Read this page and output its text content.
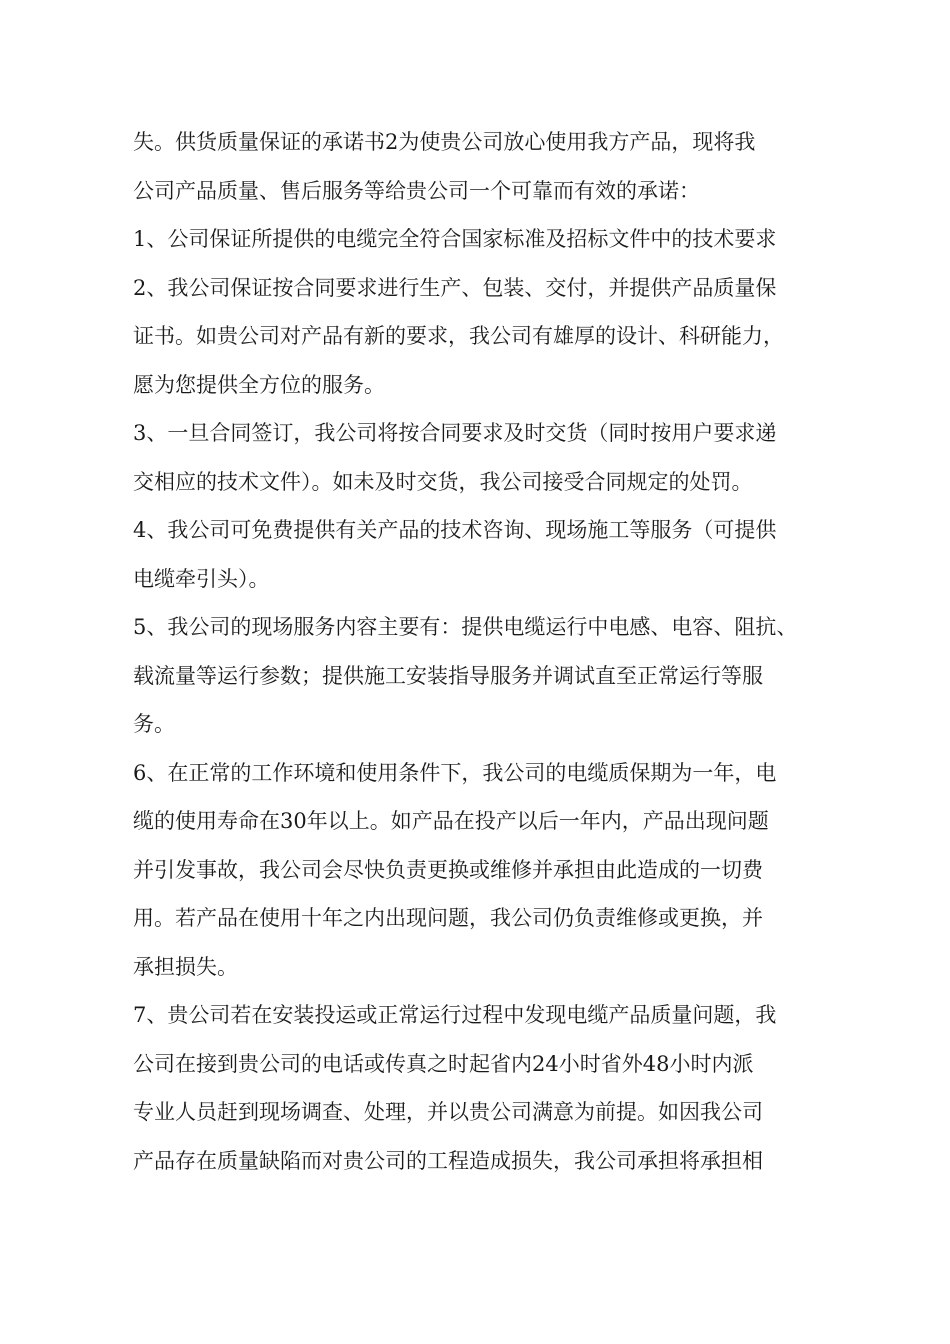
失。供货质量保证的承诺书2为使贵公司放心使用我方产品，现将我
公司产品质量、售后服务等给贵公司一个可靠而有效的承诺：
1、公司保证所提供的电缆完全符合国家标准及招标文件中的技术要求
2、我公司保证按合同要求进行生产、包装、交付，并提供产品质量保
证书。如贵公司对产品有新的要求，我公司有雄厚的设计、科研能力，
愿为您提供全方位的服务。
3、一旦合同签订，我公司将按合同要求及时交货（同时按用户要求递
交相应的技术文件）。如未及时交货，我公司接受合同规定的处罚。
4、我公司可免费提供有关产品的技术咨询、现场施工等服务（可提供
电缆牵引头）。
5、我公司的现场服务内容主要有：提供电缆运行中电感、电容、阻抗、
载流量等运行参数；提供施工安装指导服务并调试直至正常运行等服
务。
6、在正常的工作环境和使用条件下，我公司的电缆质保期为一年，电
缆的使用寿命在30年以上。如产品在投产以后一年内，产品出现问题
并引发事故，我公司会尽快负责更换或维修并承担由此造成的一切费
用。若产品在使用十年之内出现问题，我公司仍负责维修或更换，并
承担损失。
7、贵公司若在安装投运或正常运行过程中发现电缆产品质量问题，我
公司在接到贵公司的电话或传真之时起省内24小时省外48小时内派
专业人员赶到现场调查、处理，并以贵公司满意为前提。如因我公司
产品存在质量缺陷而对贵公司的工程造成损失，我公司承担将承担相
